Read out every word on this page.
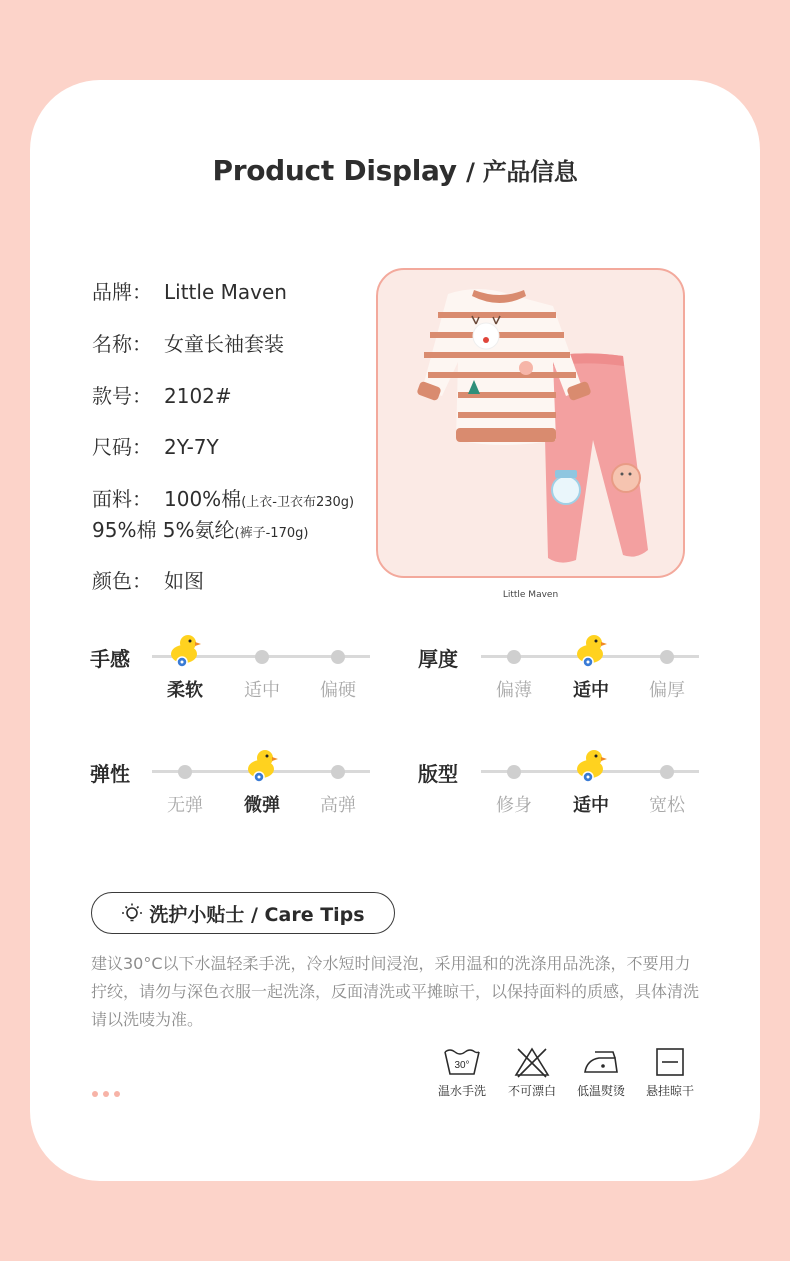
Product Display / 产品信息
品牌： Little Maven
名称： 女童长袖套装
款号： 2102#
尺码： 2Y-7Y
面料： 100%棉(上衣-卫衣布230g)
95%棉 5%氨纶(裤子-170g)
颜色： 如图
Little Maven
手感
柔软	适中	偏硬
厚度
偏薄	适中	偏厚
弹性
无弹	微弹	高弹
版型
修身	适中	宽松
洗护小贴士 / Care Tips
建议30°C以下水温轻柔手洗，冷水短时间浸泡，采用温和的洗涤用品洗涤，不要用力拧绞，请勿与深色衣服一起洗涤，反面清洗或平摊晾干，以保持面料的质感，具体清洗请以洗唛为准。
30°
温水手洗	不可漂白	低温熨烫	悬挂晾干
